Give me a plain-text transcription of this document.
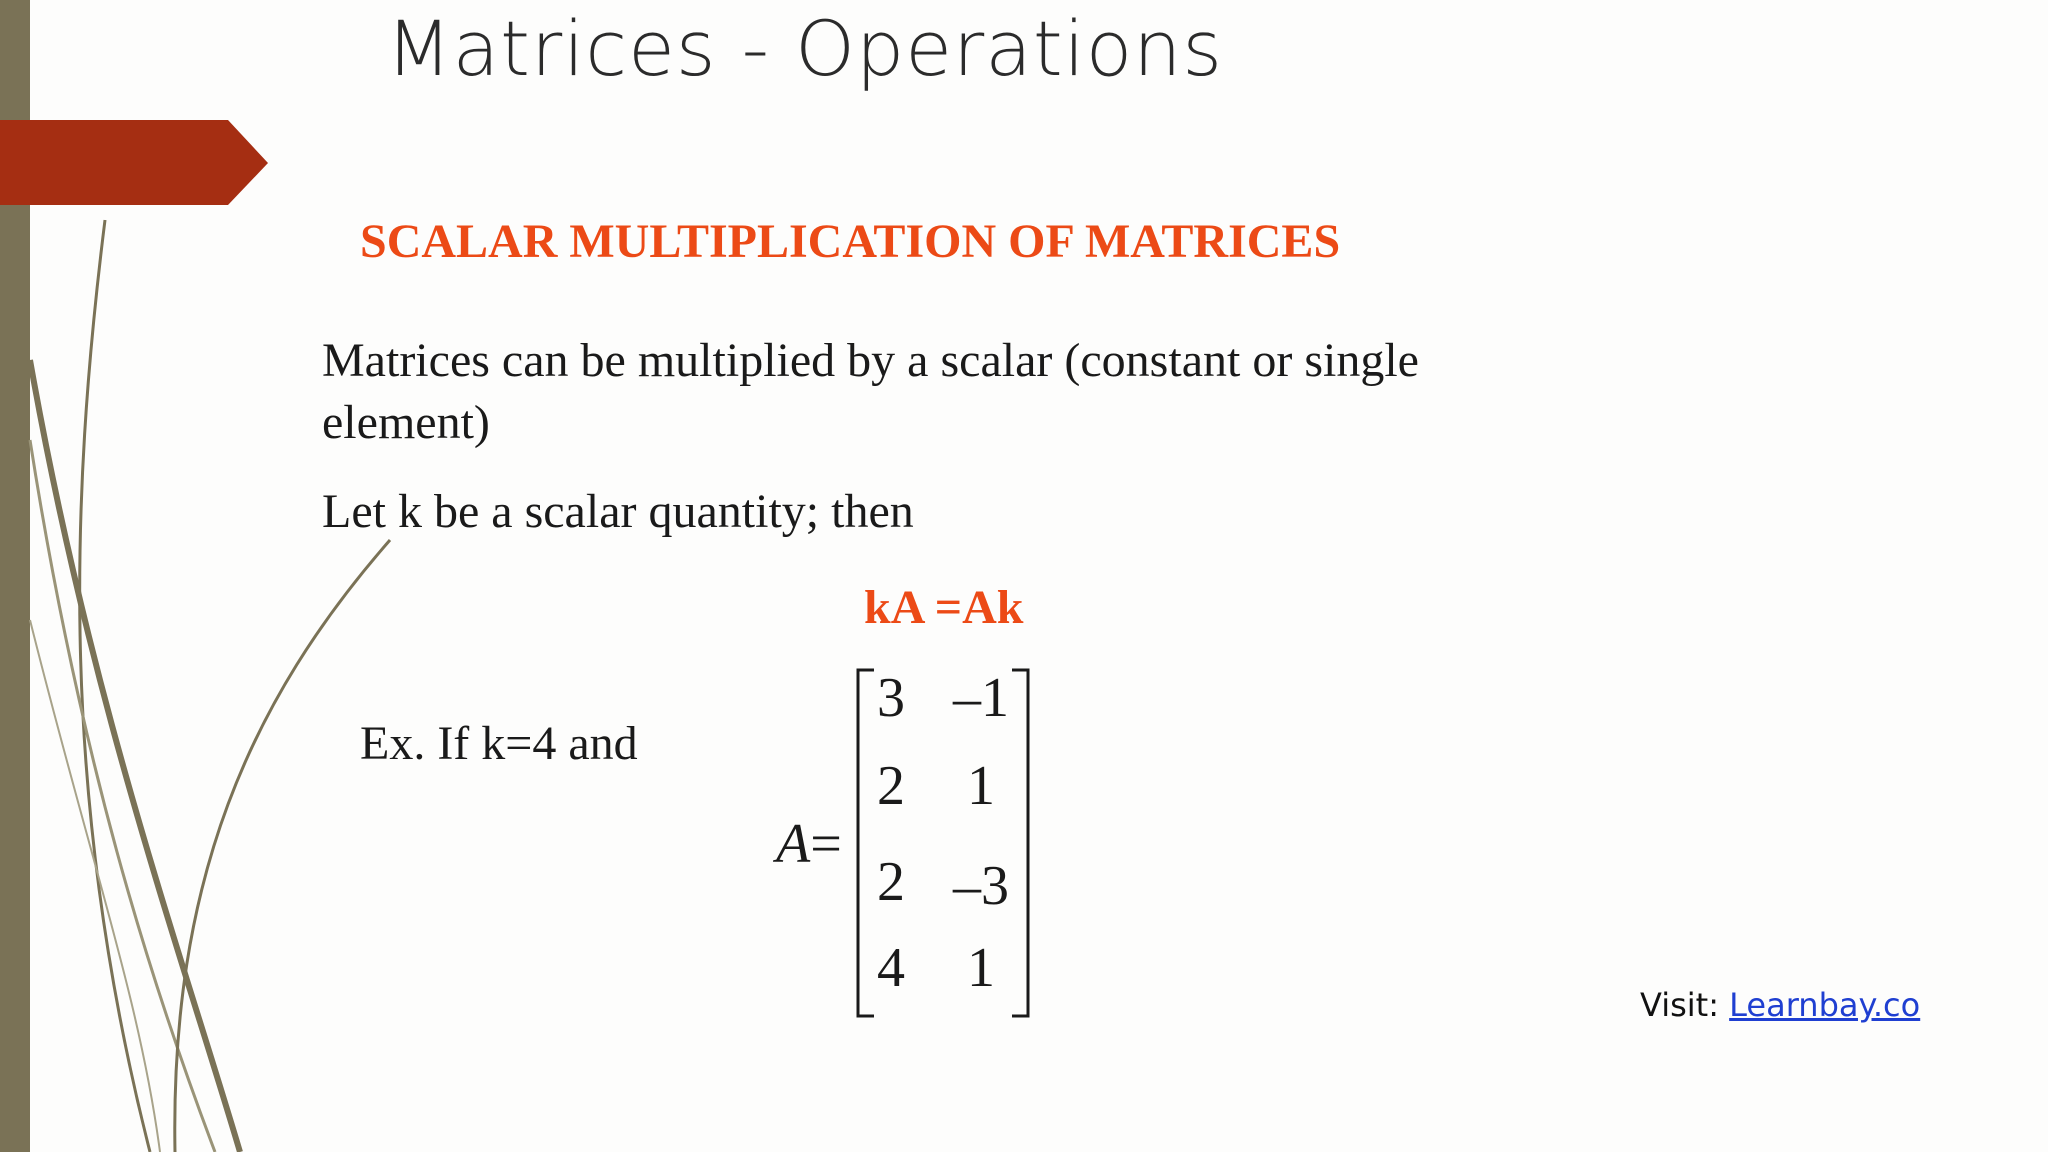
Matrices - Operations
SCALAR MULTIPLICATION OF MATRICES
Matrices can be multiplied by a scalar (constant or single element)
Let k be a scalar quantity; then
kA =Ak
Ex. If k=4 and
A=
3 –1
2	1
2 –3
4	1
Visit: Learnbay.co
